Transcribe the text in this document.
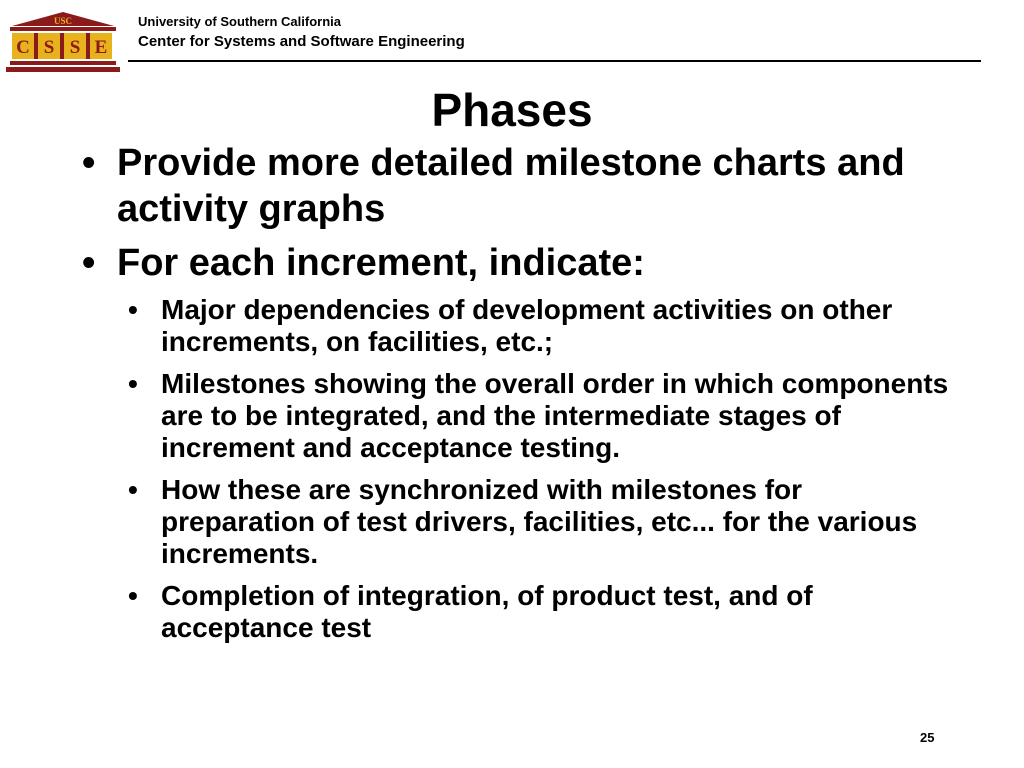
USC
C S S E
University of Southern California
Center for Systems and Software Engineering
Phases
• Provide more detailed milestone charts and activity graphs
• For each increment, indicate:
• Major dependencies of development activities on other increments, on facilities, etc.;
• Milestones showing the overall order in which components are to be integrated, and the intermediate stages of increment and acceptance testing.
• How these are synchronized with milestones for preparation of test drivers, facilities, etc... for the various increments.
• Completion of integration, of product test, and of acceptance test
25
